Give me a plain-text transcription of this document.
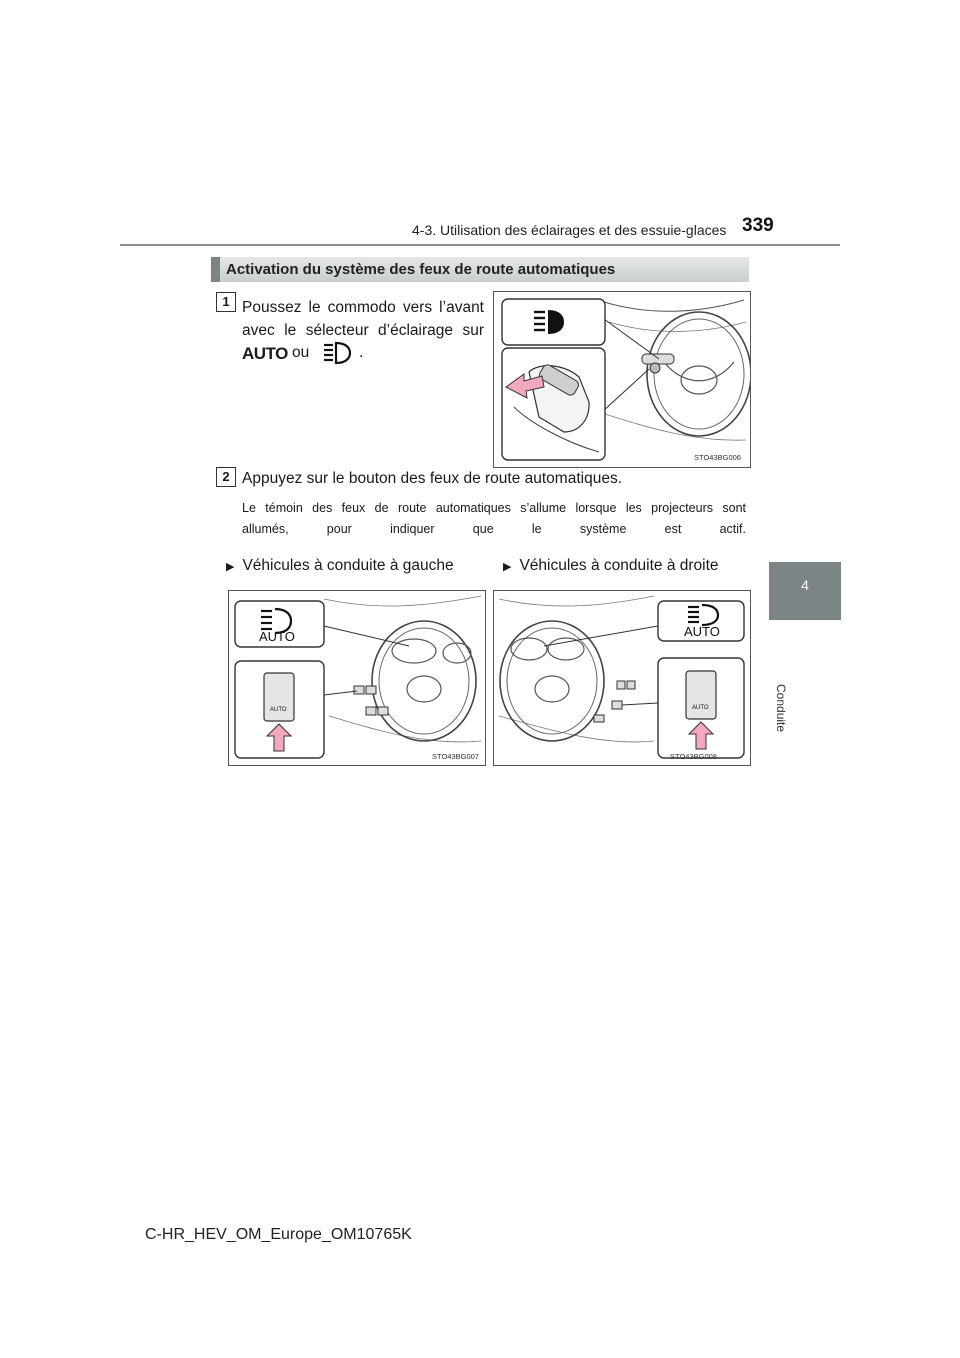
4-3. Utilisation des éclairages et des essuie-glaces 339
4
Conduite
Activation du système des feux de route automatiques
1 Poussez le commodo vers l’avant
avec le sélecteur d’éclairage sur
AUTO ou	.
STO43BG006
2 Appuyez sur le bouton des feux de route automatiques.
Le témoin des feux de route automatiques s’allume lorsque les projecteurs sont
allumés, pour indiquer que le système est actif.
▶ Véhicules à conduite à gauche	▶ Véhicules à conduite à droite
AUTO
AUTO
STO43BG007
AUTO
AUTO
STO43BG008
C-HR_HEV_OM_Europe_OM10765K
